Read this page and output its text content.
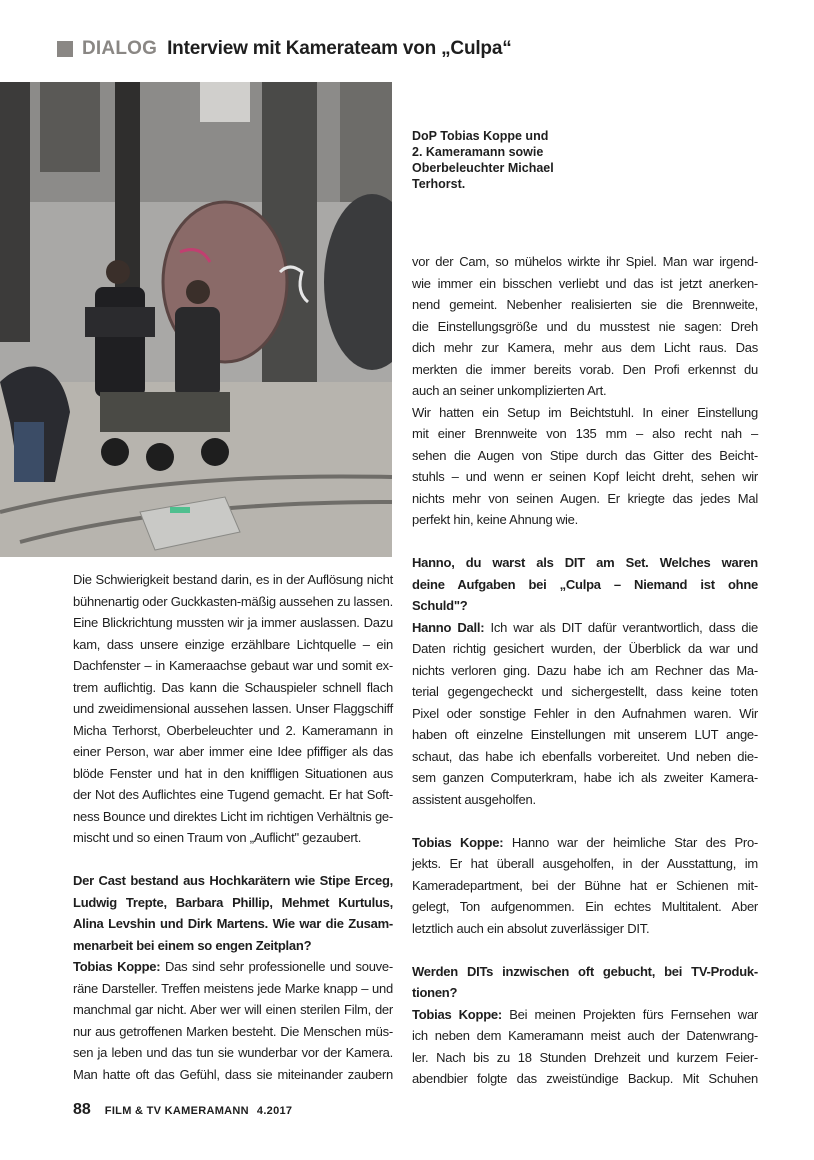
DIALOG Interview mit Kamerateam von „Culpa“
DoP Tobias Koppe und
2. Kameramann sowie
Oberbeleuchter Michael
Terhorst.
Die Schwierigkeit bestand darin, es in der Auflösung nicht
bühnenartig oder Guckkasten-mäßig aussehen zu lassen.
Eine Blickrichtung mussten wir ja immer auslassen. Dazu
kam, dass unsere einzige erzählbare Lichtquelle – ein
Dachfenster – in Kameraachse gebaut war und somit ex-
trem auflichtig. Das kann die Schauspieler schnell flach
und zweidimensional aussehen lassen. Unser Flaggschiff
Micha Terhorst, Oberbeleuchter und 2. Kameramann in
einer Person, war aber immer eine Idee pfiffiger als das
blöde Fenster und hat in den kniffligen Situationen aus
der Not des Auflichtes eine Tugend gemacht. Er hat Soft-
ness Bounce und direktes Licht im richtigen Verhältnis ge-
mischt und so einen Traum von „Auflicht" gezaubert.
Der Cast bestand aus Hochkarätern wie Stipe Erceg,
Ludwig Trepte, Barbara Phillip, Mehmet Kurtulus,
Alina Levshin und Dirk Martens. Wie war die Zusam-
menarbeit bei einem so engen Zeitplan?
Tobias Koppe: Das sind sehr professionelle und souve-
räne Darsteller. Treffen meistens jede Marke knapp – und
manchmal gar nicht. Aber wer will einen sterilen Film, der
nur aus getroffenen Marken besteht. Die Menschen müs-
sen ja leben und das tun sie wunderbar vor der Kamera.
Man hatte oft das Gefühl, dass sie miteinander zaubern
vor der Cam, so mühelos wirkte ihr Spiel. Man war irgend-
wie immer ein bisschen verliebt und das ist jetzt anerken-
nend gemeint. Nebenher realisierten sie die Brennweite,
die Einstellungsgröße und du musstest nie sagen: Dreh
dich mehr zur Kamera, mehr aus dem Licht raus. Das
merkten die immer bereits vorab. Den Profi erkennst du
auch an seiner unkomplizierten Art.
Wir hatten ein Setup im Beichtstuhl. In einer Einstellung
mit einer Brennweite von 135 mm – also recht nah –
sehen die Augen von Stipe durch das Gitter des Beicht-
stuhls – und wenn er seinen Kopf leicht dreht, sehen wir
nichts mehr von seinen Augen. Er kriegte das jedes Mal
perfekt hin, keine Ahnung wie.
Hanno, du warst als DIT am Set. Welches waren
deine Aufgaben bei „Culpa – Niemand ist ohne
Schuld"?
Hanno Dall: Ich war als DIT dafür verantwortlich, dass die
Daten richtig gesichert wurden, der Überblick da war und
nichts verloren ging. Dazu habe ich am Rechner das Ma-
terial gegengecheckt und sichergestellt, dass keine toten
Pixel oder sonstige Fehler in den Aufnahmen waren. Wir
haben oft einzelne Einstellungen mit unserem LUT ange-
schaut, das habe ich ebenfalls vorbereitet. Und neben die-
sem ganzen Computerkram, habe ich als zweiter Kamera-
assistent ausgeholfen.
Tobias Koppe: Hanno war der heimliche Star des Pro-
jekts. Er hat überall ausgeholfen, in der Ausstattung, im
Kameradepartment, bei der Bühne hat er Schienen mit-
gelegt, Ton aufgenommen. Ein echtes Multitalent. Aber
letztlich auch ein absolut zuverlässiger DIT.
Werden DITs inzwischen oft gebucht, bei TV-Produk-
tionen?
Tobias Koppe: Bei meinen Projekten fürs Fernsehen war
ich neben dem Kameramann meist auch der Datenwrang-
ler. Nach bis zu 18 Stunden Drehzeit und kurzem Feier-
abendbier folgte das zweistündige Backup. Mit Schuhen
88 FILM & TV KAMERAMANN 4.2017
